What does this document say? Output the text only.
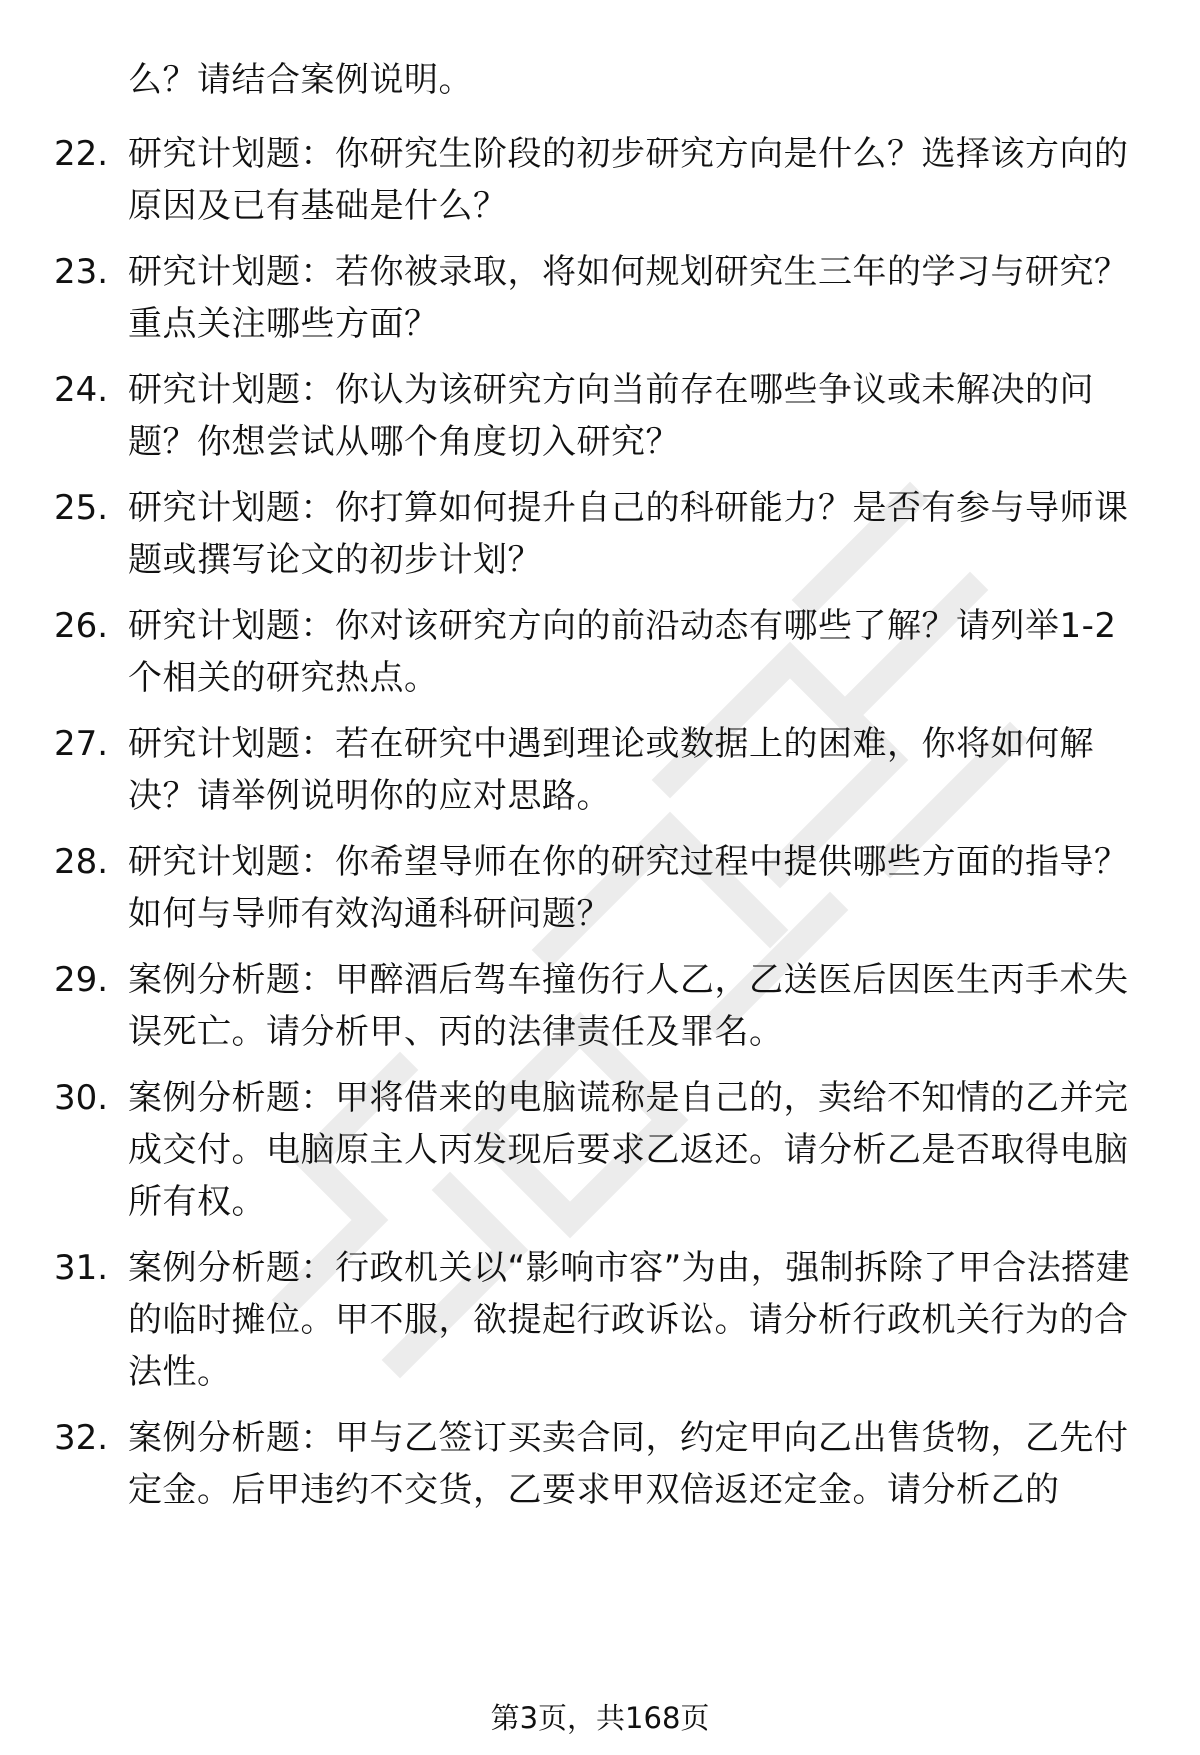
么？请结合案例说明。
22. 研究计划题：你研究生阶段的初步研究方向是什么？选择该方向的原因及已有基础是什么？
23. 研究计划题：若你被录取，将如何规划研究生三年的学习与研究？重点关注哪些方面？
24. 研究计划题：你认为该研究方向当前存在哪些争议或未解决的问题？你想尝试从哪个角度切入研究？
25. 研究计划题：你打算如何提升自己的科研能力？是否有参与导师课题或撰写论文的初步计划？
26. 研究计划题：你对该研究方向的前沿动态有哪些了解？请列举1-2个相关的研究热点。
27. 研究计划题：若在研究中遇到理论或数据上的困难，你将如何解决？请举例说明你的应对思路。
28. 研究计划题：你希望导师在你的研究过程中提供哪些方面的指导？如何与导师有效沟通科研问题？
29. 案例分析题：甲醉酒后驾车撞伤行人乙，乙送医后因医生丙手术失误死亡。请分析甲、丙的法律责任及罪名。
30. 案例分析题：甲将借来的电脑谎称是自己的，卖给不知情的乙并完成交付。电脑原主人丙发现后要求乙返还。请分析乙是否取得电脑所有权。
31. 案例分析题：行政机关以“影响市容”为由，强制拆除了甲合法搭建的临时摊位。甲不服，欲提起行政诉讼。请分析行政机关行为的合法性。
32. 案例分析题：甲与乙签订买卖合同，约定甲向乙出售货物，乙先付定金。后甲违约不交货，乙要求甲双倍返还定金。请分析乙的
第3页，共168页
